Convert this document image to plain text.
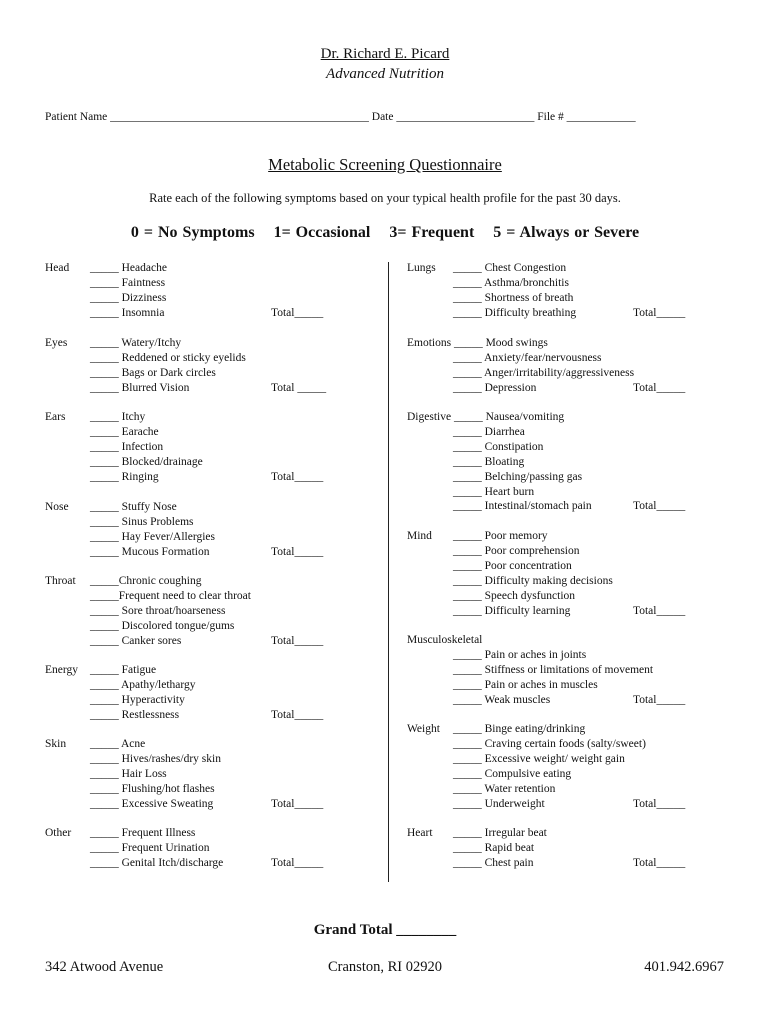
Dr. Richard E. Picard
Advanced Nutrition
Patient Name _____________________________________________ Date ________________________ File # ____________
Metabolic Screening Questionnaire
Rate each of the following symptoms based on your typical health profile for the past 30 days.
0 = No Symptoms 1= Occasional 3= Frequent 5 = Always or Severe
Head _____ Headache
_____ Faintness
_____ Dizziness
_____ Insomnia	Total_____
Eyes _____ Watery/Itchy
_____ Reddened or sticky eyelids
_____ Bags or Dark circles
_____ Blurred Vision	Total _____
Ears _____ Itchy
_____ Earache
_____ Infection
_____ Blocked/drainage
_____ Ringing	Total_____
Nose _____ Stuffy Nose
_____ Sinus Problems
_____ Hay Fever/Allergies
_____ Mucous Formation	Total_____
Throat _____Chronic coughing
_____Frequent need to clear throat
_____ Sore throat/hoarseness
_____ Discolored tongue/gums
_____ Canker sores	Total_____
Energy _____ Fatigue
_____ Apathy/lethargy
_____ Hyperactivity
_____ Restlessness	Total_____
Skin _____ Acne
_____ Hives/rashes/dry skin
_____ Hair Loss
_____ Flushing/hot flashes
_____ Excessive Sweating	Total_____
Other _____ Frequent Illness
_____ Frequent Urination
_____ Genital Itch/discharge	Total_____
Lungs _____ Chest Congestion
_____ Asthma/bronchitis
_____ Shortness of breath
_____ Difficulty breathing	Total_____
Emotions _____ Mood swings
_____ Anxiety/fear/nervousness
_____ Anger/irritability/aggressiveness
_____ Depression	Total_____
Digestive _____ Nausea/vomiting
_____ Diarrhea
_____ Constipation
_____ Bloating
_____ Belching/passing gas
_____ Heart burn
_____ Intestinal/stomach pain	Total_____
Mind _____ Poor memory
_____ Poor comprehension
_____ Poor concentration
_____ Difficulty making decisions
_____ Speech dysfunction
_____ Difficulty learning	Total_____
Musculoskeletal
_____ Pain or aches in joints
_____ Stiffness or limitations of movement
_____ Pain or aches in muscles
_____ Weak muscles	Total_____
Weight _____ Binge eating/drinking
_____ Craving certain foods (salty/sweet)
_____ Excessive weight/ weight gain
_____ Compulsive eating
_____ Water retention
_____ Underweight	Total_____
Heart _____ Irregular beat
_____ Rapid beat
_____ Chest pain	Total_____
Grand Total ________
342 Atwood Avenue	Cranston, RI 02920	401.942.6967
